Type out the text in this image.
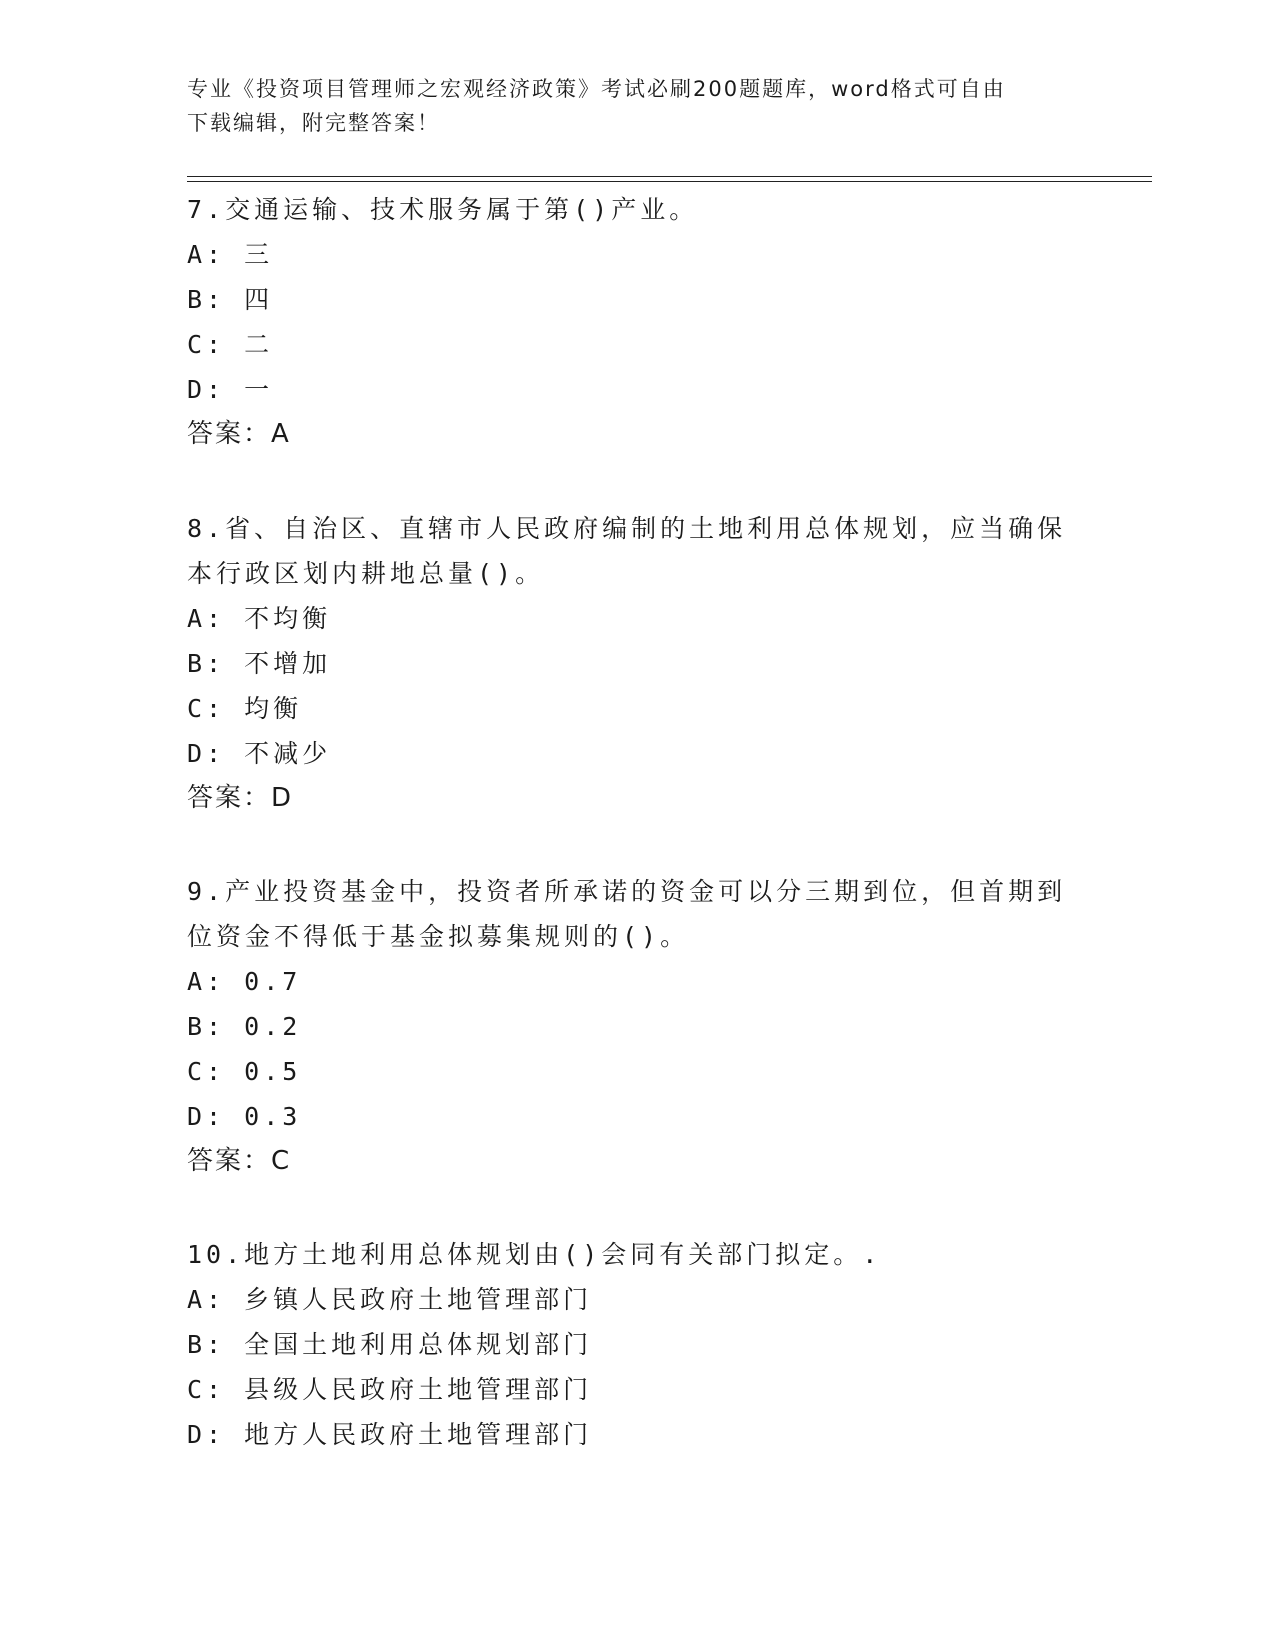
专业《投资项目管理师之宏观经济政策》考试必刷200题题库，word格式可自由
下载编辑，附完整答案！
7.交通运输、技术服务属于第()产业。
A: 三
B: 四
C: 二
D: 一
答案：A
8.省、自治区、直辖市人民政府编制的土地利用总体规划，应当确保
本行政区划内耕地总量()。
A: 不均衡
B: 不增加
C: 均衡
D: 不减少
答案：D
9.产业投资基金中，投资者所承诺的资金可以分三期到位，但首期到
位资金不得低于基金拟募集规则的()。
A: 0.7
B: 0.2
C: 0.5
D: 0.3
答案：C
10.地方土地利用总体规划由()会同有关部门拟定。.
A: 乡镇人民政府土地管理部门
B: 全国土地利用总体规划部门
C: 县级人民政府土地管理部门
D: 地方人民政府土地管理部门
